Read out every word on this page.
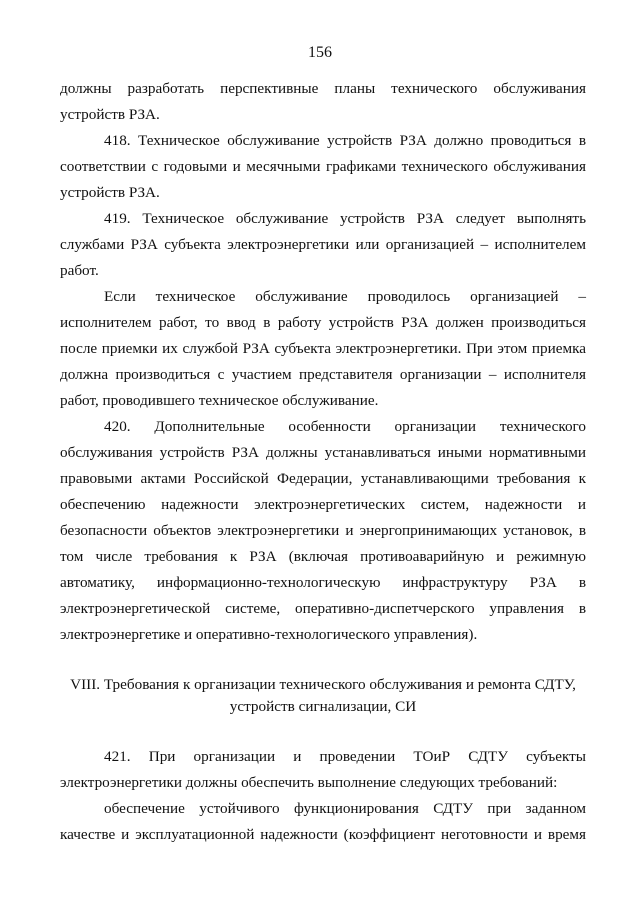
156

должны разработать перспективные планы технического обслуживания устройств РЗА.

418. Техническое обслуживание устройств РЗА должно проводиться в соответствии с годовыми и месячными графиками технического обслуживания устройств РЗА.

419. Техническое обслуживание устройств РЗА следует выполнять службами РЗА субъекта электроэнергетики или организацией – исполнителем работ.

Если техническое обслуживание проводилось организацией – исполнителем работ, то ввод в работу устройств РЗА должен производиться после приемки их службой РЗА субъекта электроэнергетики. При этом приемка должна производиться с участием представителя организации – исполнителя работ, проводившего техническое обслуживание.

420. Дополнительные особенности организации технического обслуживания устройств РЗА должны устанавливаться иными нормативными правовыми актами Российской Федерации, устанавливающими требования к обеспечению надежности электроэнергетических систем, надежности и безопасности объектов электроэнергетики и энергопринимающих установок, в том числе требования к РЗА (включая противоаварийную и режимную автоматику, информационно-технологическую инфраструктуру РЗА в электроэнергетической системе, оперативно-диспетчерского управления в электроэнергетике и оперативно-технологического управления).

VIII. Требования к организации технического обслуживания и ремонта СДТУ,
устройств сигнализации, СИ

421. При организации и проведении ТОиР СДТУ субъекты электроэнергетики должны обеспечить выполнение следующих требований:

обеспечение устойчивого функционирования СДТУ при заданном качестве и эксплуатационной надежности (коэффициент неготовности и время
